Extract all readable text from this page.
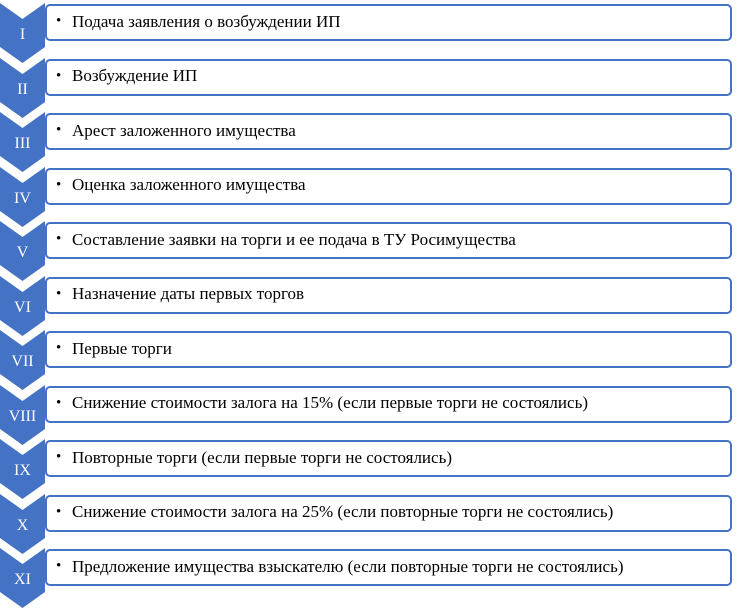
I
• Подача заявления о возбуждении ИП
II
• Возбуждение ИП
III
• Арест заложенного имущества
IV
• Оценка заложенного имущества
V
• Составление заявки на торги и ее подача в ТУ Росимущества
VI
• Назначение даты первых торгов
VII
• Первые торги
VIII
• Снижение стоимости залога на 15% (если первые торги не состоялись)
IX
• Повторные торги (если первые торги не состоялись)
X
• Снижение стоимости залога на 25% (если повторные торги не состоялись)
XI
• Предложение имущества взыскателю (если повторные торги не состоялись)
